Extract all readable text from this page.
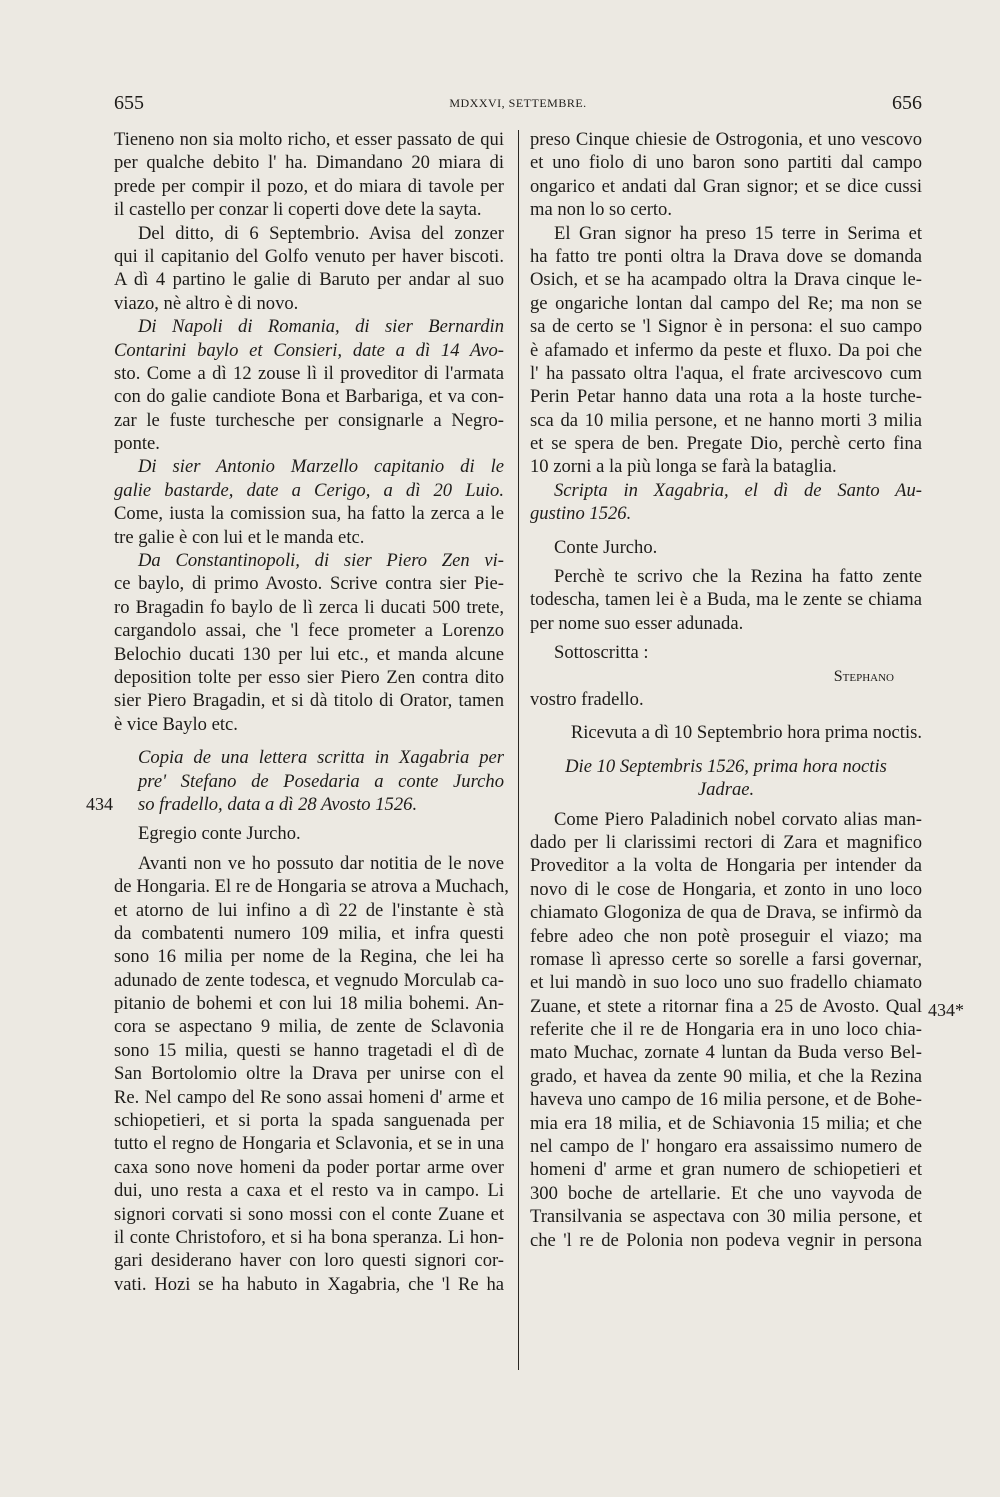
655	MDXXVI, SETTEMBRE.	656
434
434*
Tieneno non sia molto richo, et esser passato de qui
per qualche debito l' ha. Dimandano 20 miara di
prede per compir il pozo, et do miara di tavole per
il castello per conzar li coperti dove dete la sayta.
Del ditto, di 6 Septembrio. Avisa del zonzer
qui il capitanio del Golfo venuto per haver biscoti.
A dì 4 partino le galie di Baruto per andar al suo
viazo, nè altro è di novo.
Di Napoli di Romania, di sier Bernardin
Contarini baylo et Consieri, date a dì 14 Avo-
sto. Come a dì 12 zouse lì il proveditor di l'armata
con do galie candiote Bona et Barbariga, et va con-
zar le fuste turchesche per consignarle a Negro-
ponte.
Di sier Antonio Marzello capitanio di le
galie bastarde, date a Cerigo, a dì 20 Luio.
Come, iusta la comission sua, ha fatto la zerca a le
tre galie è con lui et le manda etc.
Da Constantinopoli, di sier Piero Zen vi-
ce baylo, di primo Avosto. Scrive contra sier Pie-
ro Bragadin fo baylo de lì zerca li ducati 500 trete,
cargandolo assai, che 'l fece prometer a Lorenzo
Belochio ducati 130 per lui etc., et manda alcune
deposition tolte per esso sier Piero Zen contra dito
sier Piero Bragadin, et si dà titolo di Orator, tamen
è vice Baylo etc.
Copia de una lettera scritta in Xagabria per
pre' Stefano de Posedaria a conte Jurcho
so fradello, data a dì 28 Avosto 1526.
Egregio conte Jurcho.
Avanti non ve ho possuto dar notitia de le nove
de Hongaria. El re de Hongaria se atrova a Muchach,
et atorno de lui infino a dì 22 de l'instante è stà
da combatenti numero 109 milia, et infra questi
sono 16 milia per nome de la Regina, che lei ha
adunado de zente todesca, et vegnudo Morculab ca-
pitanio de bohemi et con lui 18 milia bohemi. An-
cora se aspectano 9 milia, de zente de Sclavonia
sono 15 milia, questi se hanno tragetadi el dì de
San Bortolomio oltre la Drava per unirse con el
Re. Nel campo del Re sono assai homeni d' arme et
schiopetieri, et si porta la spada sanguenada per
tutto el regno de Hongaria et Sclavonia, et se in una
caxa sono nove homeni da poder portar arme over
dui, uno resta a caxa et el resto va in campo. Li
signori corvati si sono mossi con el conte Zuane et
il conte Christoforo, et si ha bona speranza. Li hon-
gari desiderano haver con loro questi signori cor-
vati. Hozi se ha habuto in Xagabria, che 'l Re ha
preso Cinque chiesie de Ostrogonia, et uno vescovo
et uno fiolo di uno baron sono partiti dal campo
ongarico et andati dal Gran signor; et se dice cussi
ma non lo so certo.
El Gran signor ha preso 15 terre in Serima et
ha fatto tre ponti oltra la Drava dove se domanda
Osich, et se ha acampado oltra la Drava cinque le-
ge ongariche lontan dal campo del Re; ma non se
sa de certo se 'l Signor è in persona: el suo campo
è afamado et infermo da peste et fluxo. Da poi che
l' ha passato oltra l'aqua, el frate arcivescovo cum
Perin Petar hanno data una rota a la hoste turche-
sca da 10 milia persone, et ne hanno morti 3 milia
et se spera de ben. Pregate Dio, perchè certo fina
10 zorni a la più longa se farà la bataglia.
Scripta in Xagabria, el dì de Santo Au-
gustino 1526.
Conte Jurcho.
Perchè te scrivo che la Rezina ha fatto zente
todescha, tamen lei è a Buda, ma le zente se chiama
per nome suo esser adunada.
Sottoscritta :
Stephano
vostro fradello.
Ricevuta a dì 10 Septembrio hora prima noctis.
Die 10 Septembris 1526, prima hora noctis
Jadrae.
Come Piero Paladinich nobel corvato alias man-
dado per li clarissimi rectori di Zara et magnifico
Proveditor a la volta de Hongaria per intender da
novo di le cose de Hongaria, et zonto in uno loco
chiamato Glogoniza de qua de Drava, se infirmò da
febre adeo che non potè proseguir el viazo; ma
romase lì apresso certe so sorelle a farsi governar,
et lui mandò in suo loco uno suo fradello chiamato
Zuane, et stete a ritornar fina a 25 de Avosto. Qual
referite che il re de Hongaria era in uno loco chia-
mato Muchac, zornate 4 luntan da Buda verso Bel-
grado, et havea da zente 90 milia, et che la Rezina
haveva uno campo de 16 milia persone, et de Bohe-
mia era 18 milia, et de Schiavonia 15 milia; et che
nel campo de l' hongaro era assaissimo numero de
homeni d' arme et gran numero de schiopetieri et
300 boche de artellarie. Et che uno vayvoda de
Transilvania se aspectava con 30 milia persone, et
che 'l re de Polonia non podeva vegnir in persona
